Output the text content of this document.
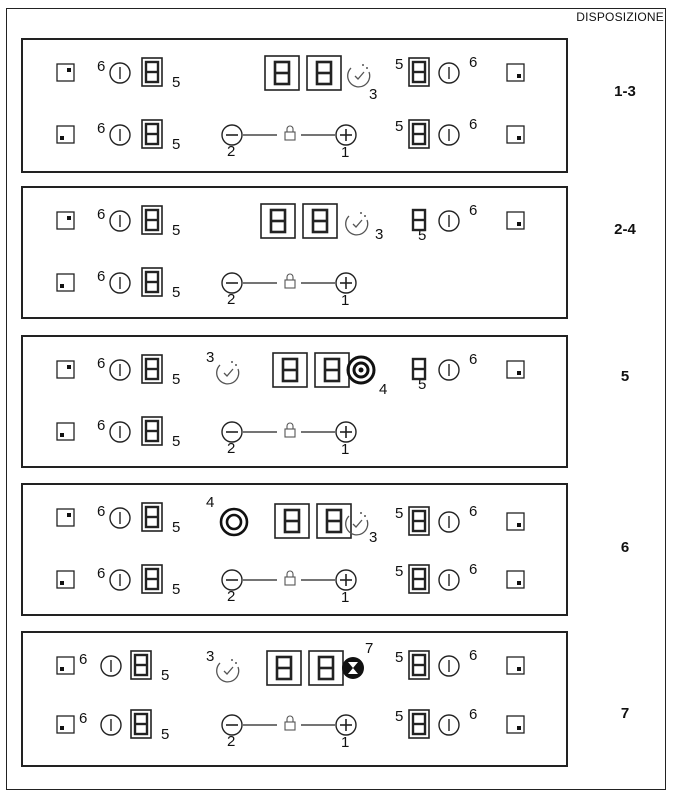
DISPOSIZIONE
6
5
3
5	6
6
5	2	1
5	6
1-3
6
5	3 5
6
6
5	2	1
2-4
6
5
3
4 5
6
6
5	2	1
5
6
5
4
3
5	6
6
5	2	1
5	6
6
6
5
3	7
5	6
6
5	2	1
5	6	7
